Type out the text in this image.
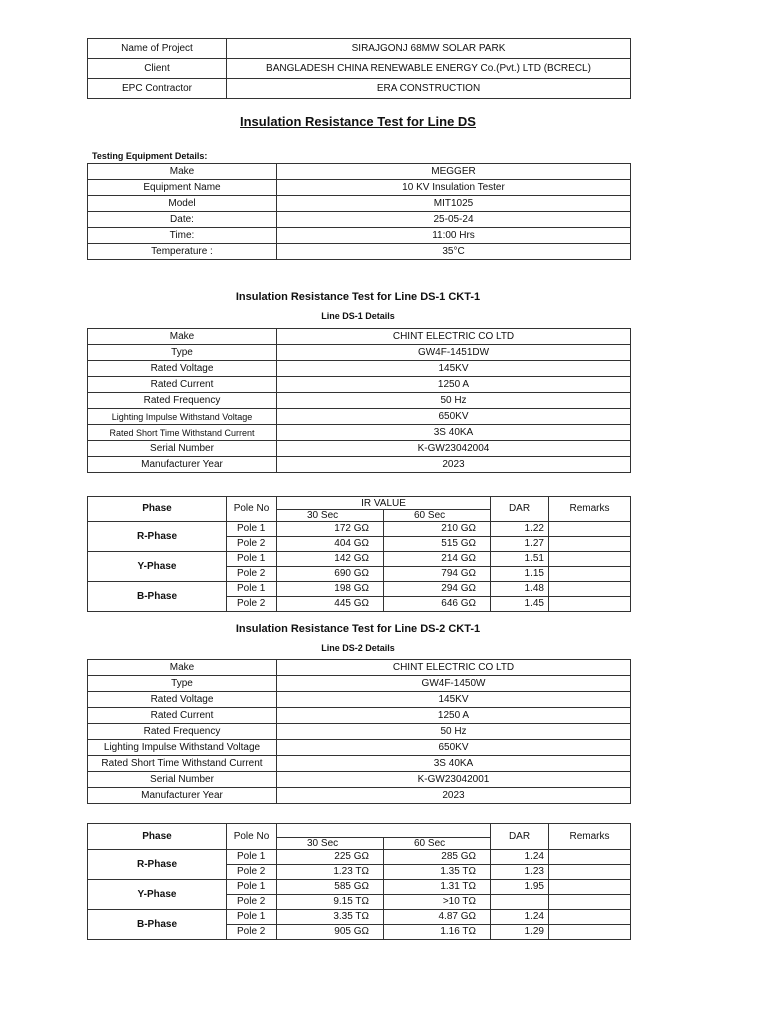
Name of Project	SIRAJGONJ 68MW SOLAR PARK
Client	BANGLADESH CHINA RENEWABLE ENERGY Co.(Pvt.) LTD (BCRECL)
EPC Contractor	ERA CONSTRUCTION
Insulation Resistance Test for Line DS
Testing Equipment Details:
Make	MEGGER
Equipment Name	10 KV Insulation Tester
Model	MIT1025
Date:	25-05-24
Time:	11:00 Hrs
Temperature :	35°C
Insulation Resistance Test for Line DS-1 CKT-1
Line DS-1 Details
Make	CHINT ELECTRIC CO LTD
Type	GW4F-1451DW
Rated Voltage	145KV
Rated Current	1250 A
Rated Frequency	50 Hz
Lighting Impulse Withstand Voltage	650KV
Rated Short Time Withstand Current	3S 40KA
Serial Number	K-GW23042004
Manufacturer Year	2023
Phase	Pole No	IR VALUE		DAR	Remarks
		30 Sec	60 Sec		
R-Phase	Pole 1	172 GΩ	210 GΩ	1.22	
	Pole 2	404 GΩ	515 GΩ	1.27	
Y-Phase	Pole 1	142 GΩ	214 GΩ	1.51	
	Pole 2	690 GΩ	794 GΩ	1.15	
B-Phase	Pole 1	198 GΩ	294 GΩ	1.48	
	Pole 2	445 GΩ	646 GΩ	1.45	
Insulation Resistance Test for Line DS-2 CKT-1
Line DS-2 Details
Make	CHINT ELECTRIC CO LTD
Type	GW4F-1450W
Rated Voltage	145KV
Rated Current	1250 A
Rated Frequency	50 Hz
Lighting Impulse Withstand Voltage	650KV
Rated Short Time Withstand Current	3S 40KA
Serial Number	K-GW23042001
Manufacturer Year	2023
Phase	Pole No			DAR	Remarks
		30 Sec	60 Sec		
R-Phase	Pole 1	225 GΩ	285 GΩ	1.24	
	Pole 2	1.23 TΩ	1.35 TΩ	1.23	
Y-Phase	Pole 1	585 GΩ	1.31 TΩ	1.95	
	Pole 2	9.15 TΩ	>10 TΩ		
B-Phase	Pole 1	3.35 TΩ	4.87 GΩ	1.24	
	Pole 2	905 GΩ	1.16 TΩ	1.29	
